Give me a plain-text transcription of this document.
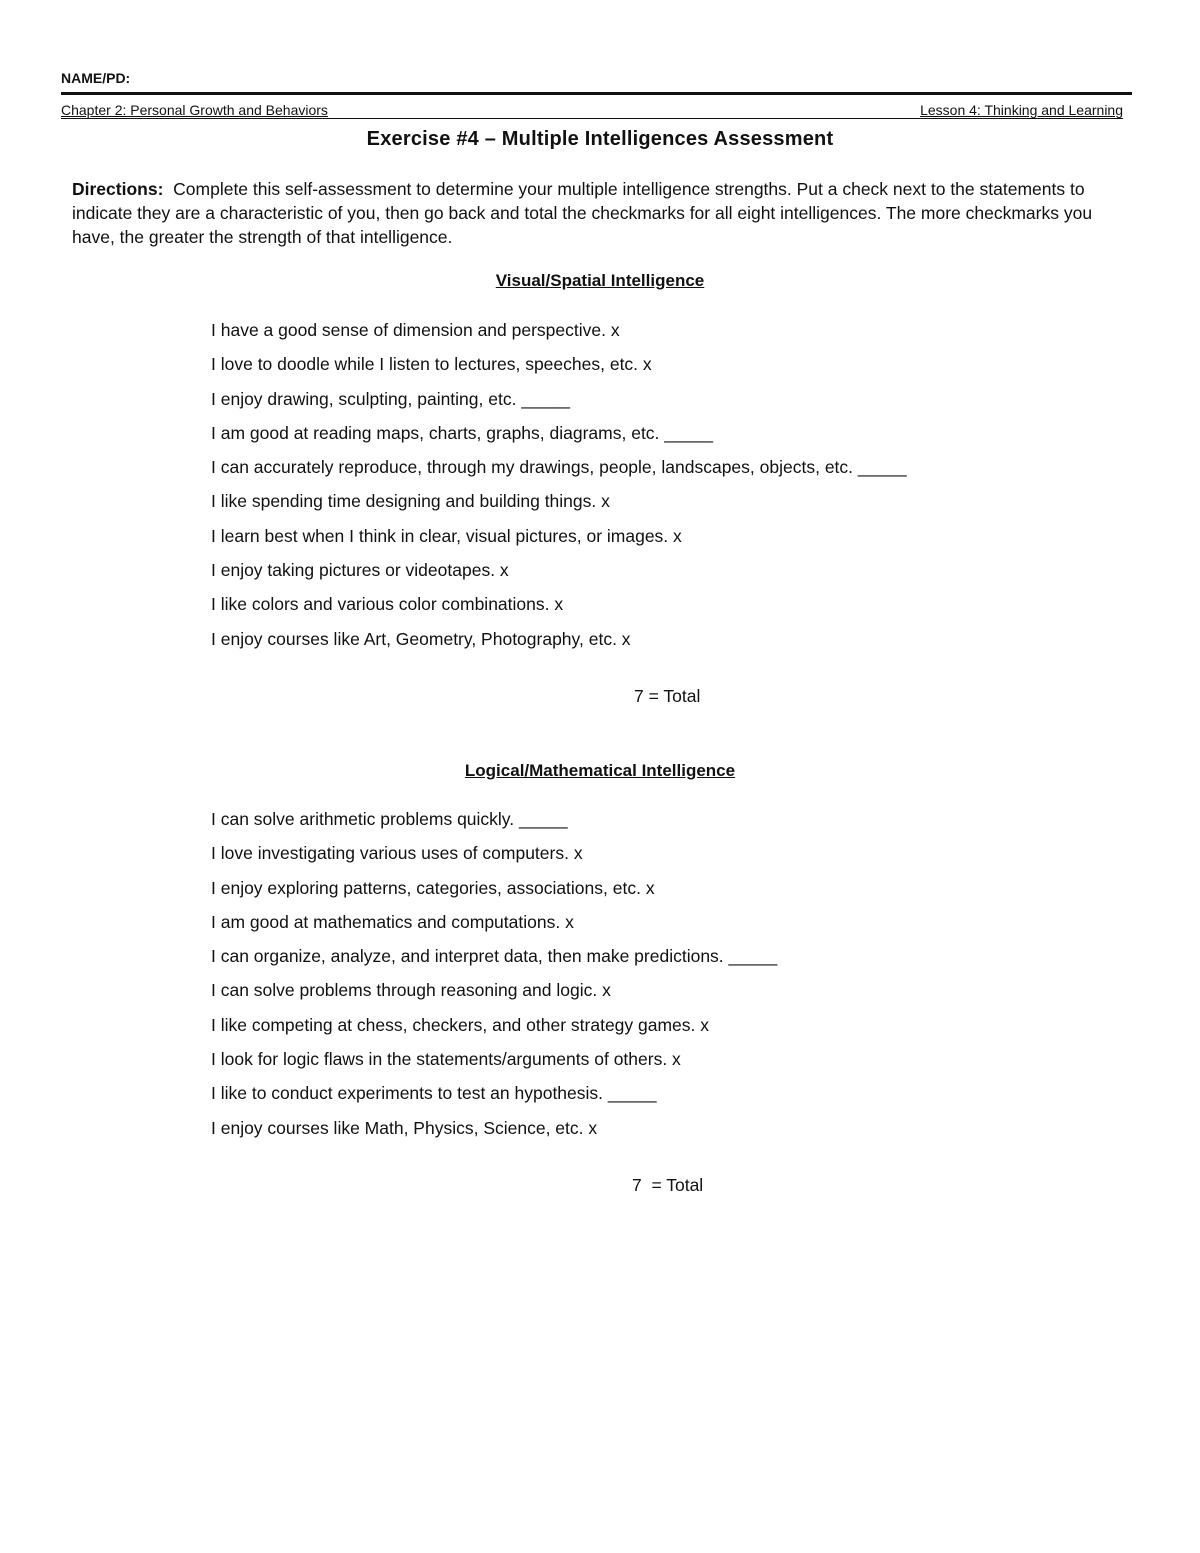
NAME/PD:
Chapter 2: Personal Growth and Behaviors	Lesson 4: Thinking and Learning
Exercise #4 – Multiple Intelligences Assessment
Directions: Complete this self-assessment to determine your multiple intelligence strengths. Put a check next to the statements to indicate they are a characteristic of you, then go back and total the checkmarks for all eight intelligences. The more checkmarks you have, the greater the strength of that intelligence.
Visual/Spatial Intelligence
I have a good sense of dimension and perspective. x
I love to doodle while I listen to lectures, speeches, etc. x
I enjoy drawing, sculpting, painting, etc. _____
I am good at reading maps, charts, graphs, diagrams, etc. _____
I can accurately reproduce, through my drawings, people, landscapes, objects, etc. _____
I like spending time designing and building things. x
I learn best when I think in clear, visual pictures, or images. x
I enjoy taking pictures or videotapes. x
I like colors and various color combinations. x
I enjoy courses like Art, Geometry, Photography, etc. x
7 = Total
Logical/Mathematical Intelligence
I can solve arithmetic problems quickly. _____
I love investigating various uses of computers. x
I enjoy exploring patterns, categories, associations, etc. x
I am good at mathematics and computations. x
I can organize, analyze, and interpret data, then make predictions. _____
I can solve problems through reasoning and logic. x
I like competing at chess, checkers, and other strategy games. x
I look for logic flaws in the statements/arguments of others. x
I like to conduct experiments to test an hypothesis. _____
I enjoy courses like Math, Physics, Science, etc. x
7  = Total
